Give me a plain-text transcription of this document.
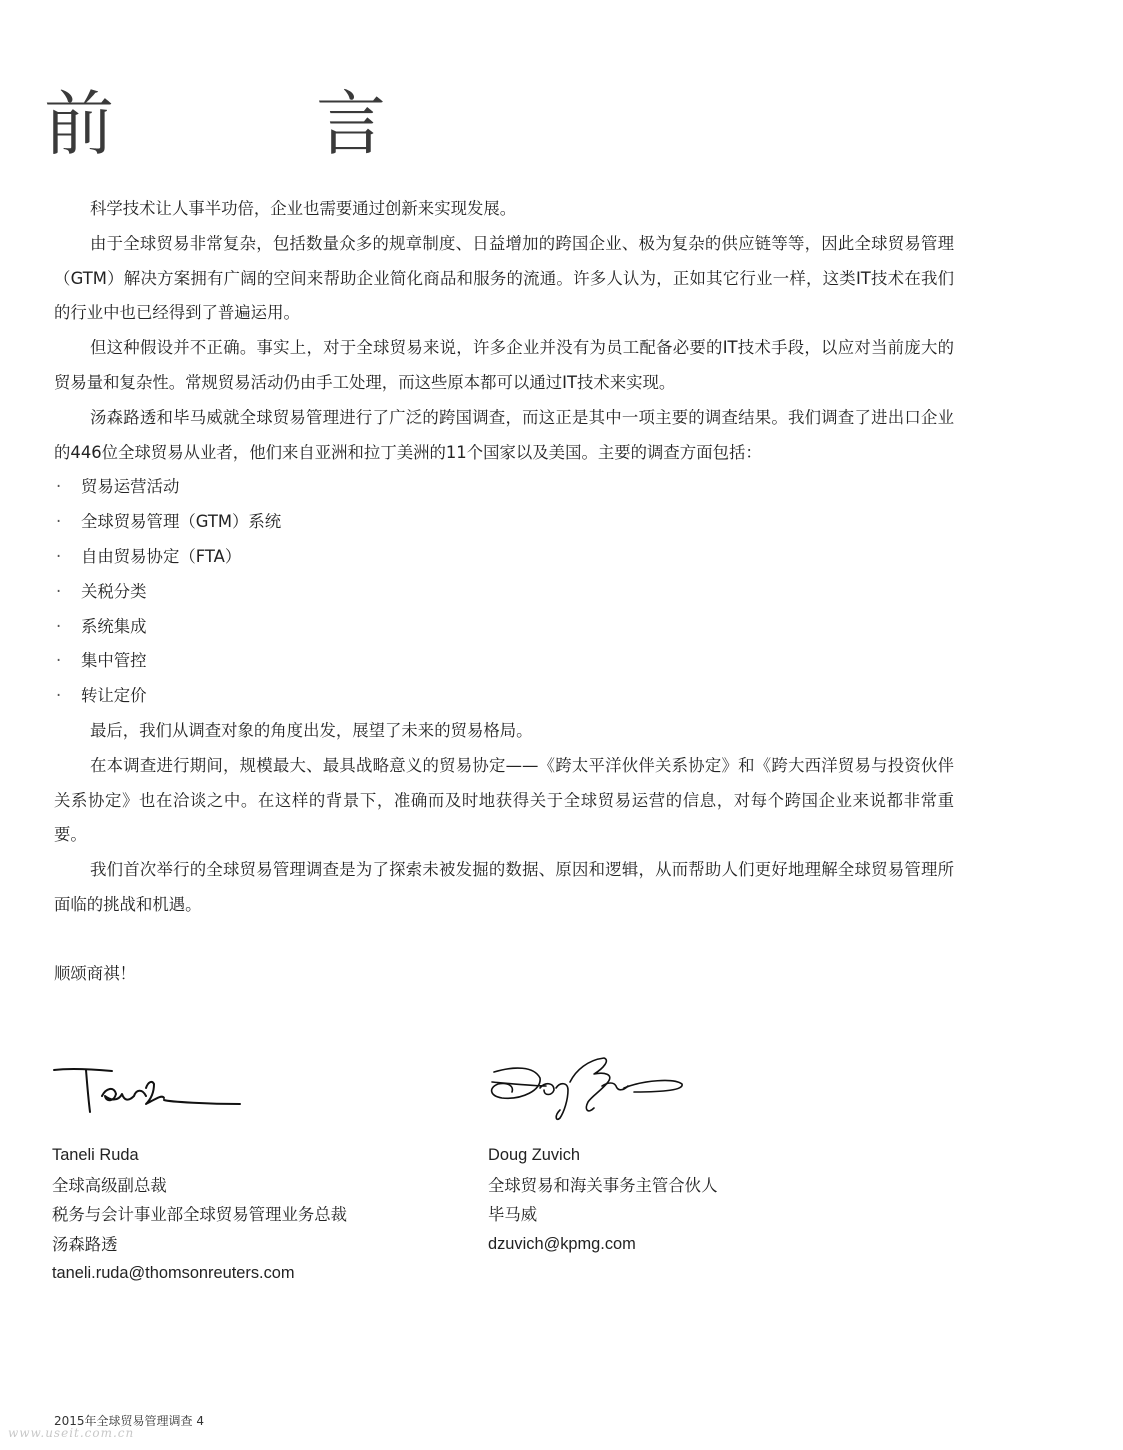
前　言

科学技术让人事半功倍，企业也需要通过创新来实现发展。

由于全球贸易非常复杂，包括数量众多的规章制度、日益增加的跨国企业、极为复杂的供应链等等，因此全球贸易管理（GTM）解决方案拥有广阔的空间来帮助企业简化商品和服务的流通。许多人认为，正如其它行业一样，这类IT技术在我们的行业中也已经得到了普遍运用。

但这种假设并不正确。事实上，对于全球贸易来说，许多企业并没有为员工配备必要的IT技术手段，以应对当前庞大的贸易量和复杂性。常规贸易活动仍由手工处理，而这些原本都可以通过IT技术来实现。

汤森路透和毕马威就全球贸易管理进行了广泛的跨国调查，而这正是其中一项主要的调查结果。我们调查了进出口企业的446位全球贸易从业者，他们来自亚洲和拉丁美洲的11个国家以及美国。主要的调查方面包括：

· 贸易运营活动
· 全球贸易管理（GTM）系统
· 自由贸易协定（FTA）
· 关税分类
· 系统集成
· 集中管控
· 转让定价

最后，我们从调查对象的角度出发，展望了未来的贸易格局。

在本调查进行期间，规模最大、最具战略意义的贸易协定——《跨太平洋伙伴关系协定》和《跨大西洋贸易与投资伙伴关系协定》也在洽谈之中。在这样的背景下，准确而及时地获得关于全球贸易运营的信息，对每个跨国企业来说都非常重要。

我们首次举行的全球贸易管理调查是为了探索未被发掘的数据、原因和逻辑，从而帮助人们更好地理解全球贸易管理所面临的挑战和机遇。

顺颂商祺！

Taneli Ruda
全球高级副总裁
税务与会计事业部全球贸易管理业务总裁
汤森路透
taneli.ruda@thomsonreuters.com
Doug Zuvich
全球贸易和海关事务主管合伙人
毕马威
dzuvich@kpmg.com
2015年全球贸易管理调查 4
www.useit.com.cn
